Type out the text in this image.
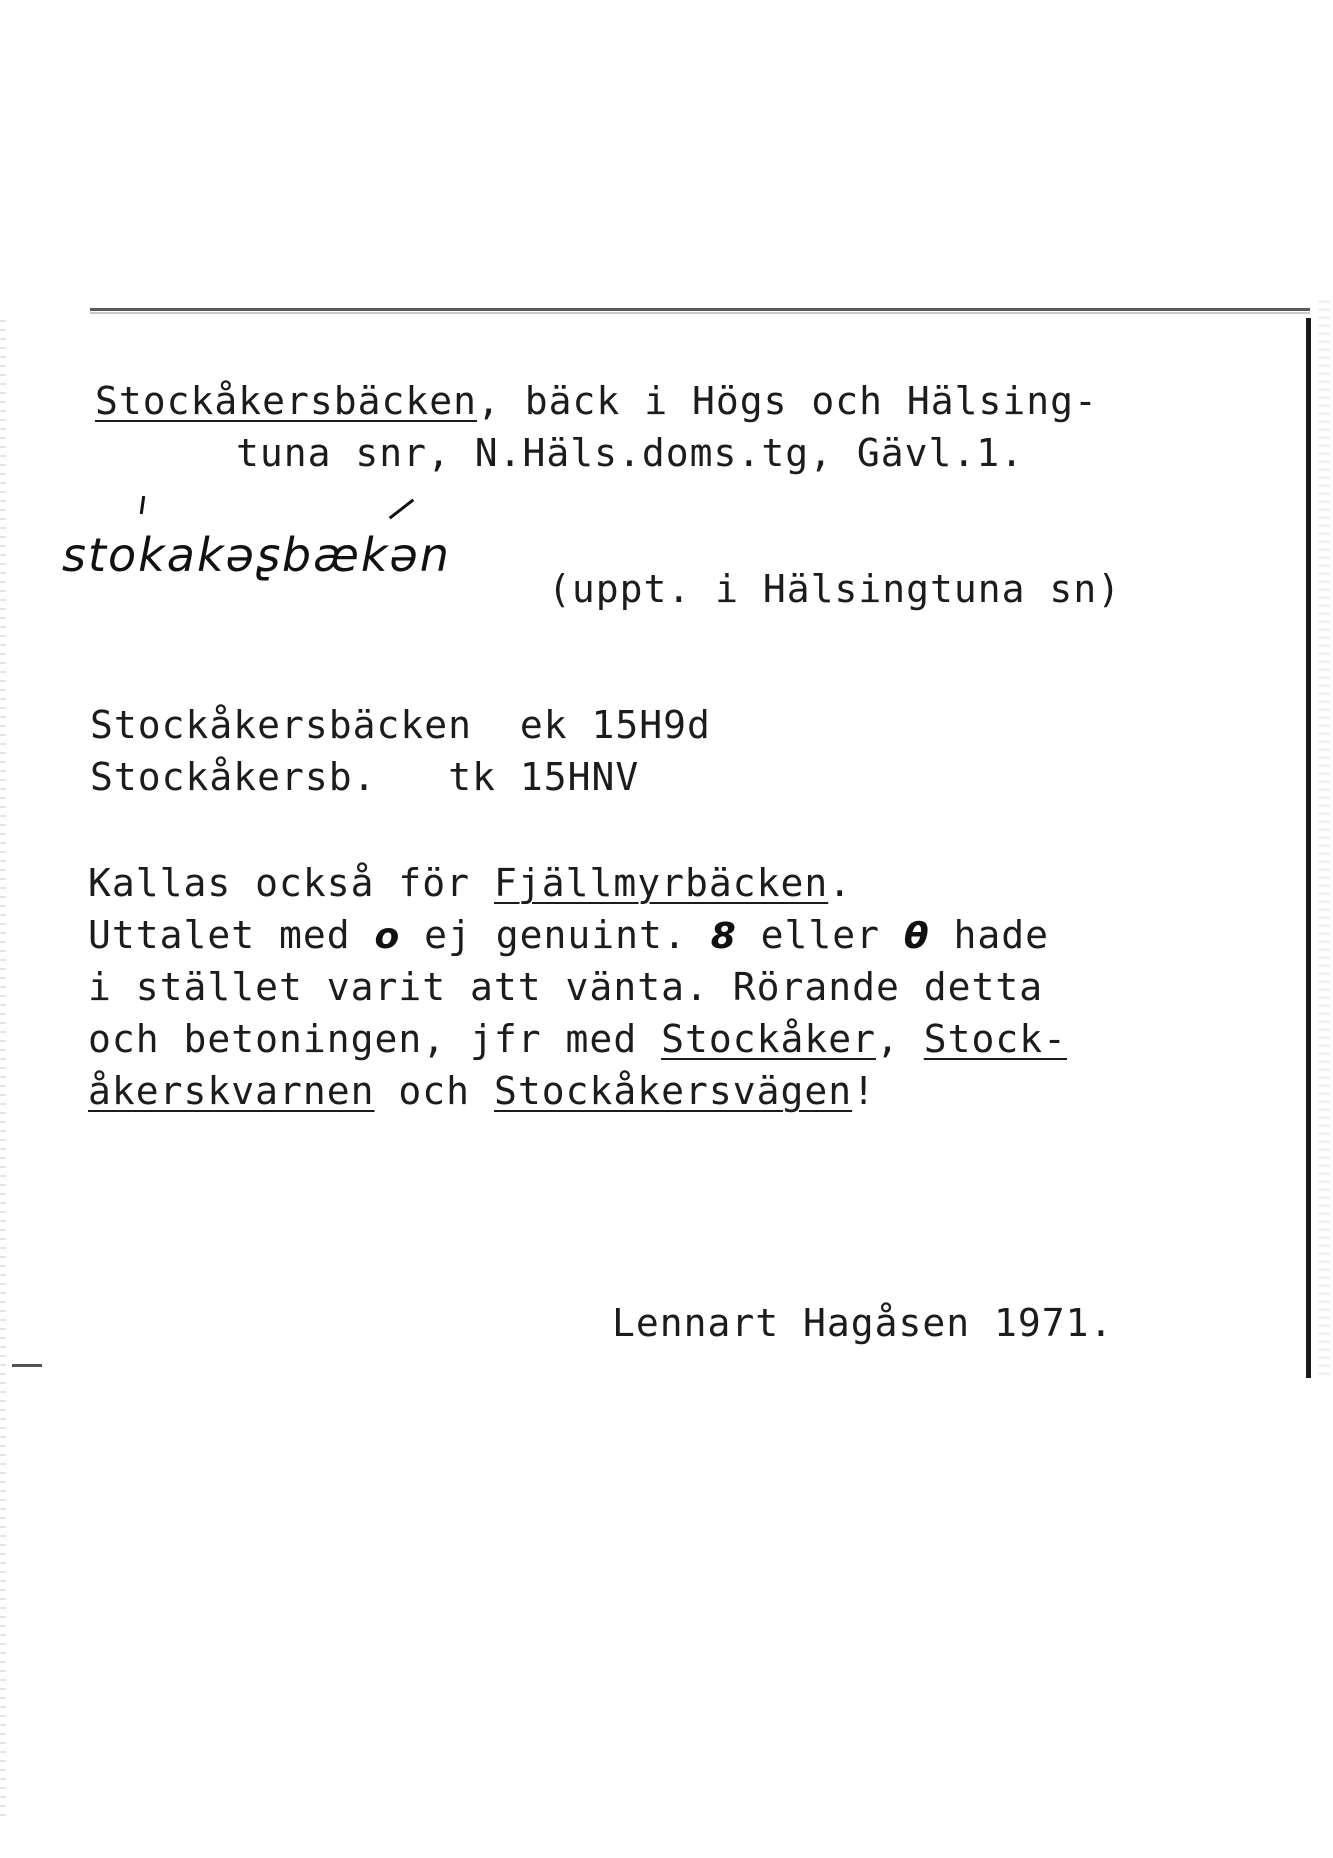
Stockåkersbäcken, bäck i Högs och Hälsing-
tuna snr, N.Häls.doms.tg, Gävl.1.
stokakəʂbækən
(uppt. i Hälsingtuna sn)
Stockåkersbäcken ek 15H9d
Stockåkersb. tk 15HNV
Kallas också för Fjällmyrbäcken.
Uttalet med o ej genuint. 8 eller θ hade
i stället varit att vänta. Rörande detta
och betoningen, jfr med Stockåker, Stock-
åkerskvarnen och Stockåkersvägen!
Lennart Hagåsen 1971.
